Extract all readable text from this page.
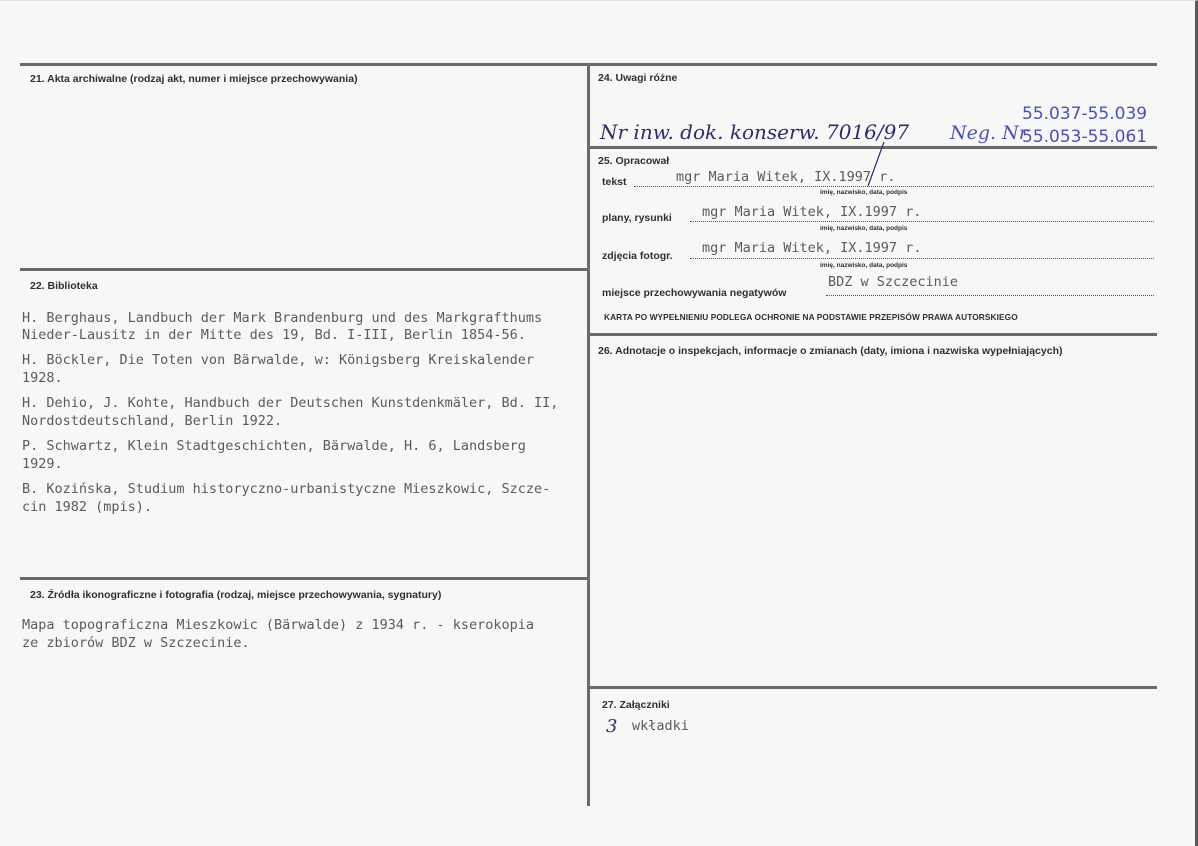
21. Akta archiwalne (rodzaj akt, numer i miejsce przechowywania)
22. Biblioteka
H. Berghaus, Landbuch der Mark Brandenburg und des Markgrafthums
Nieder-Lausitz in der Mitte des 19, Bd. I-III, Berlin 1854-56.
H. Böckler, Die Toten von Bärwalde, w: Königsberg Kreiskalender
1928.
H. Dehio, J. Kohte, Handbuch der Deutschen Kunstdenkmäler, Bd. II,
Nordostdeutschland, Berlin 1922.
P. Schwartz, Klein Stadtgeschichten, Bärwalde, H. 6, Landsberg
1929.
B. Kozińska, Studium historyczno-urbanistyczne Mieszkowic, Szcze-
cin 1982 (mpis).
23. Źródła ikonograficzne i fotografia (rodzaj, miejsce przechowywania, sygnatury)
Mapa topograficzna Mieszkowic (Bärwalde) z 1934 r. - kserokopia
ze zbiorów BDZ w Szczecinie.
24. Uwagi różne
Nr inw. dok. konserw. 7016/97 Neg. Nr
55.037-55.039
55.053-55.061
25. Opracował
tekst	mgr Maria Witek, IX.1997 r.
imię, nazwisko, data, podpis
plany, rysunki mgr Maria Witek, IX.1997 r.
imię, nazwisko, data, podpis
zdjęcia fotogr. mgr Maria Witek, IX.1997 r.
imię, nazwisko, data, podpis
miejsce przechowywania negatywów
BDZ w Szczecinie
KARTA PO WYPEŁNIENIU PODLEGA OCHRONIE NA PODSTAWIE PRZEPISÓW PRAWA AUTORSKIEGO
26. Adnotacje o inspekcjach, informacje o zmianach (daty, imiona i nazwiska wypełniających)
27. Załączniki
3 wkładki
